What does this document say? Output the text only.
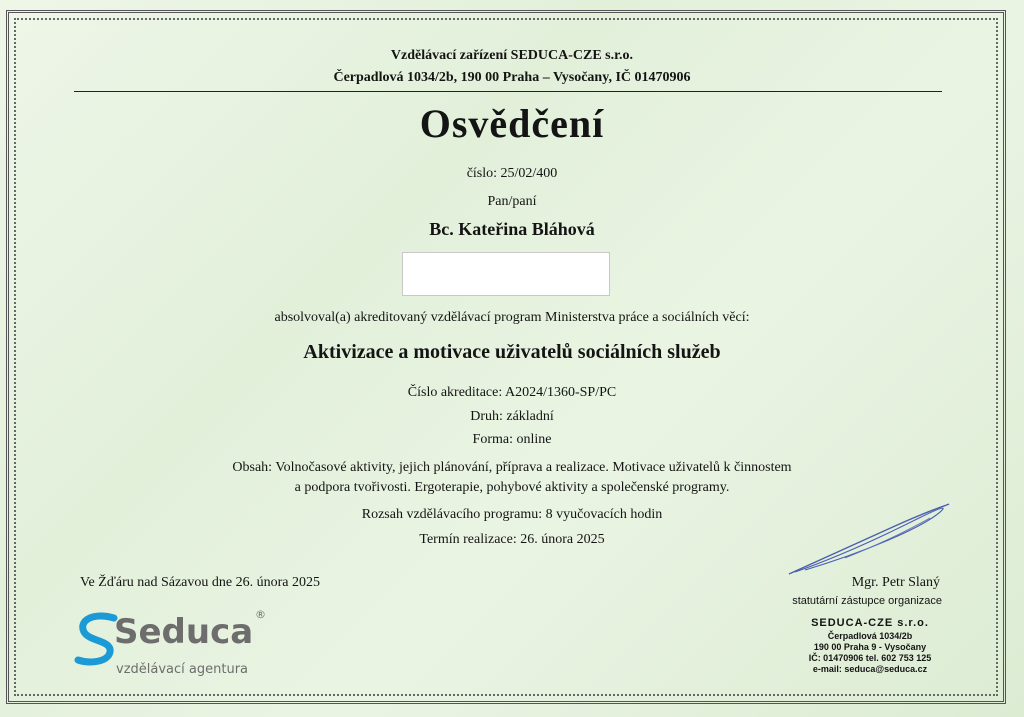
Vzdělávací zařízení SEDUCA-CZE s.r.o.
Čerpadlová 1034/2b, 190 00 Praha – Vysočany, IČ 01470906
Osvědčení
číslo: 25/02/400
Pan/paní
Bc. Kateřina Bláhová
absolvoval(a) akreditovaný vzdělávací program Ministerstva práce a sociálních věcí:
Aktivizace a motivace uživatelů sociálních služeb
Číslo akreditace: A2024/1360-SP/PC
Druh: základní
Forma: online
Obsah: Volnočasové aktivity, jejich plánování, příprava a realizace. Motivace uživatelů k činnostem
a podpora tvořivosti. Ergoterapie, pohybové aktivity a společenské programy.
Rozsah vzdělávacího programu: 8 vyučovacích hodin
Termín realizace: 26. února 2025
Ve Žďáru nad Sázavou dne 26. února 2025	Mgr. Petr Slaný
statutární zástupce organizace
Seduca ®
vzdělávací agentura
SEDUCA-CZE s.r.o.
Čerpadlová 1034/2b
190 00 Praha 9 - Vysočany
IČ: 01470906 tel. 602 753 125
e-mail: seduca@seduca.cz
